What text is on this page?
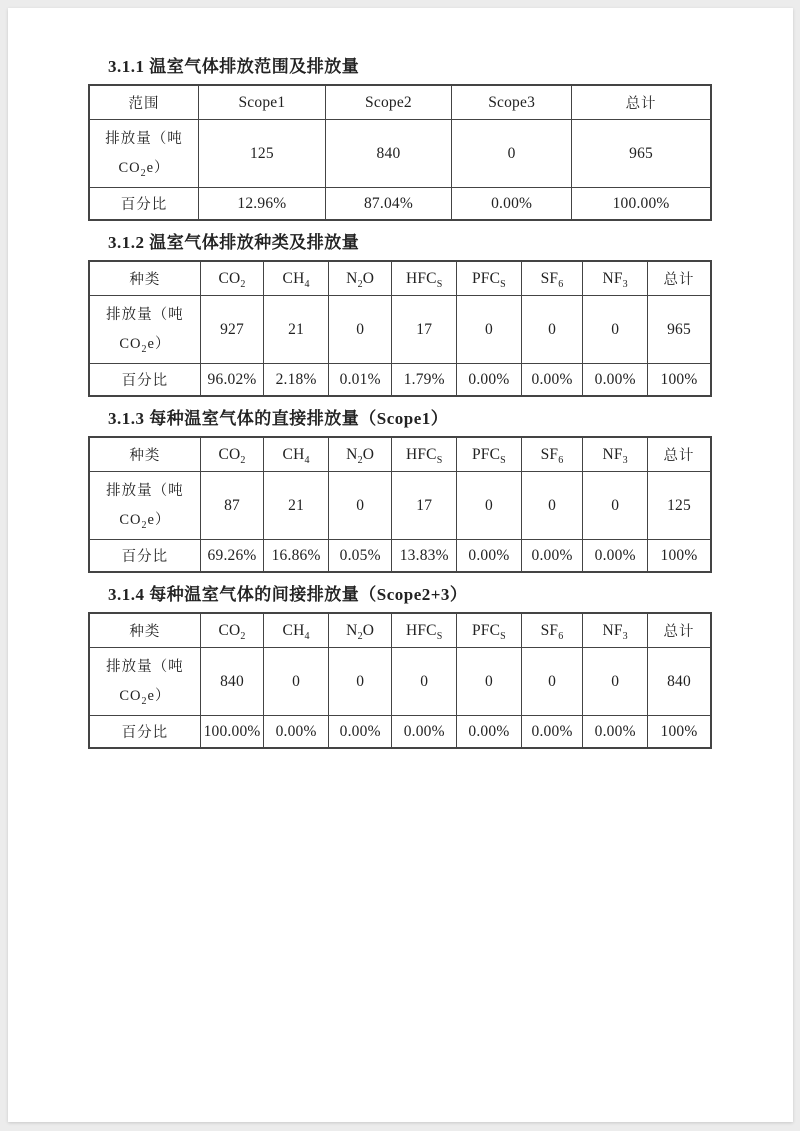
3.1.1 温室气体排放范围及排放量
范围	Scope1	Scope2	Scope3	总计

排放量（吨
$CO_2e$）	125	840	0	965
百分比	12.96%	87.04%	0.00%	100.00%
3.1.2 温室气体排放种类及排放量
种类	$CO_2$	$CH_4$	$N_2O$	$HFC_S$	$PFC_S$	$SF_6$	$NF_3$	总计

排放量（吨
$CO_2e$）	927	21	0	17	0	0	0	965
百分比	96.02%	2.18%	0.01%	1.79%	0.00%	0.00%	0.00%	100%
3.1.3 每种温室气体的直接排放量（Scope1）
种类	$CO_2$	$CH_4$	$N_2O$	$HFC_S$	$PFC_S$	$SF_6$	$NF_3$	总计

排放量（吨
$CO_2e$）	87	21	0	17	0	0	0	125
百分比	69.26%	16.86%	0.05%	13.83%	0.00%	0.00%	0.00%	100%
3.1.4 每种温室气体的间接排放量（Scope2+3）
种类	$CO_2$	$CH_4$	$N_2O$	$HFC_S$	$PFC_S$	$SF_6$	$NF_3$	总计

排放量（吨
$CO_2e$）	840	0	0	0	0	0	0	840
百分比	100.00%	0.00%	0.00%	0.00%	0.00%	0.00%	0.00%	100%
